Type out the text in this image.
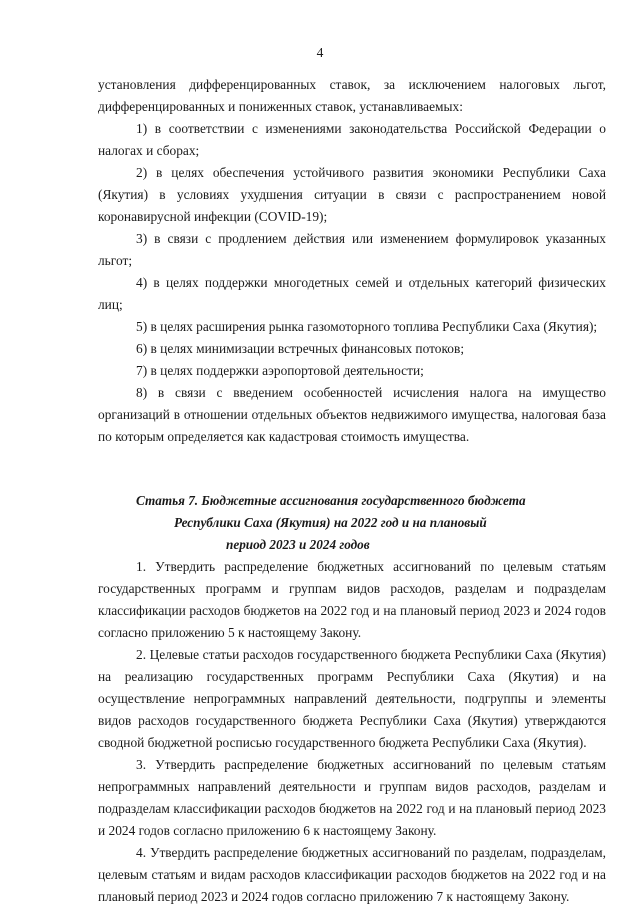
4

установления дифференцированных ставок, за исключением налоговых льгот, дифференцированных и пониженных ставок, устанавливаемых:

1) в соответствии с изменениями законодательства Российской Федерации о налогах и сборах;

2) в целях обеспечения устойчивого развития экономики Республики Саха (Якутия) в условиях ухудшения ситуации в связи с распространением новой коронавирусной инфекции (COVID-19);

3) в связи с продлением действия или изменением формулировок указанных льгот;

4) в целях поддержки многодетных семей и отдельных категорий физических лиц;

5) в целях расширения рынка газомоторного топлива Республики Саха (Якутия);

6) в целях минимизации встречных финансовых потоков;

7) в целях поддержки аэропортовой деятельности;

8) в связи с введением особенностей исчисления налога на имущество организаций в отношении отдельных объектов недвижимого имущества, налоговая база по которым определяется как кадастровая стоимость имущества.

Статья 7. Бюджетные ассигнования государственного бюджета
Республики Саха (Якутия) на 2022 год и на плановый
период 2023 и 2024 годов

1. Утвердить распределение бюджетных ассигнований по целевым статьям государственных программ и группам видов расходов, разделам и подразделам классификации расходов бюджетов на 2022 год и на плановый период 2023 и 2024 годов согласно приложению 5 к настоящему Закону.

2. Целевые статьи расходов государственного бюджета Республики Саха (Якутия) на реализацию государственных программ Республики Саха (Якутия) и на осуществление непрограммных направлений деятельности, подгруппы и элементы видов расходов государственного бюджета Республики Саха (Якутия) утверждаются сводной бюджетной росписью государственного бюджета Республики Саха (Якутия).

3. Утвердить распределение бюджетных ассигнований по целевым статьям непрограммных направлений деятельности и группам видов расходов, разделам и подразделам классификации расходов бюджетов на 2022 год и на плановый период 2023 и 2024 годов согласно приложению 6 к настоящему Закону.

4. Утвердить распределение бюджетных ассигнований по разделам, подразделам, целевым статьям и видам расходов классификации расходов бюджетов на 2022 год и на плановый период 2023 и 2024 годов согласно приложению 7 к настоящему Закону.
